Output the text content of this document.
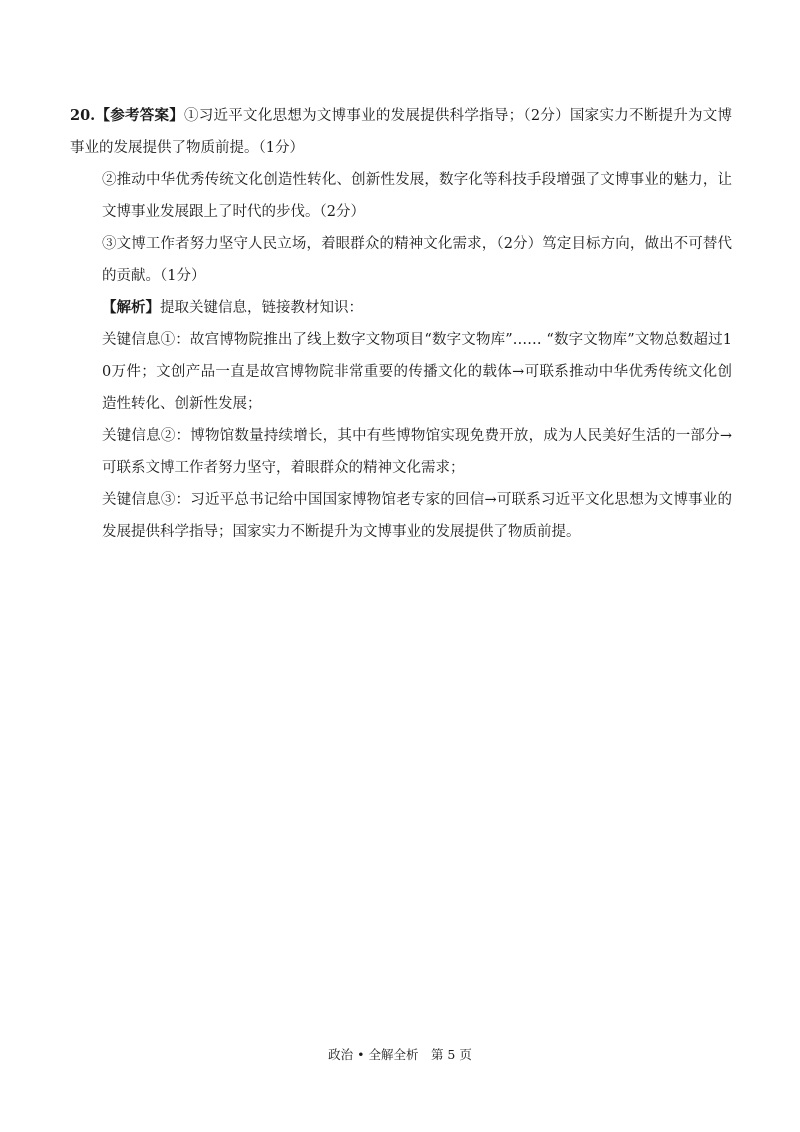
20.【参考答案】①习近平文化思想为文博事业的发展提供科学指导；（2分）国家实力不断提升为文博事业的发展提供了物质前提。（1分）

②推动中华优秀传统文化创造性转化、创新性发展，数字化等科技手段增强了文博事业的魅力，让文博事业发展跟上了时代的步伐。（2分）

③文博工作者努力坚守人民立场，着眼群众的精神文化需求，（2分）笃定目标方向，做出不可替代的贡献。（1分）

【解析】提取关键信息，链接教材知识：

关键信息①：故宫博物院推出了线上数字文物项目“数字文物库”…… “数字文物库”文物总数超过10万件；文创产品一直是故宫博物院非常重要的传播文化的载体→可联系推动中华优秀传统文化创造性转化、创新性发展；

关键信息②：博物馆数量持续增长，其中有些博物馆实现免费开放，成为人民美好生活的一部分→可联系文博工作者努力坚守，着眼群众的精神文化需求；

关键信息③：习近平总书记给中国国家博物馆老专家的回信→可联系习近平文化思想为文博事业的发展提供科学指导；国家实力不断提升为文博事业的发展提供了物质前提。

政治 • 全解全析　第 5 页
